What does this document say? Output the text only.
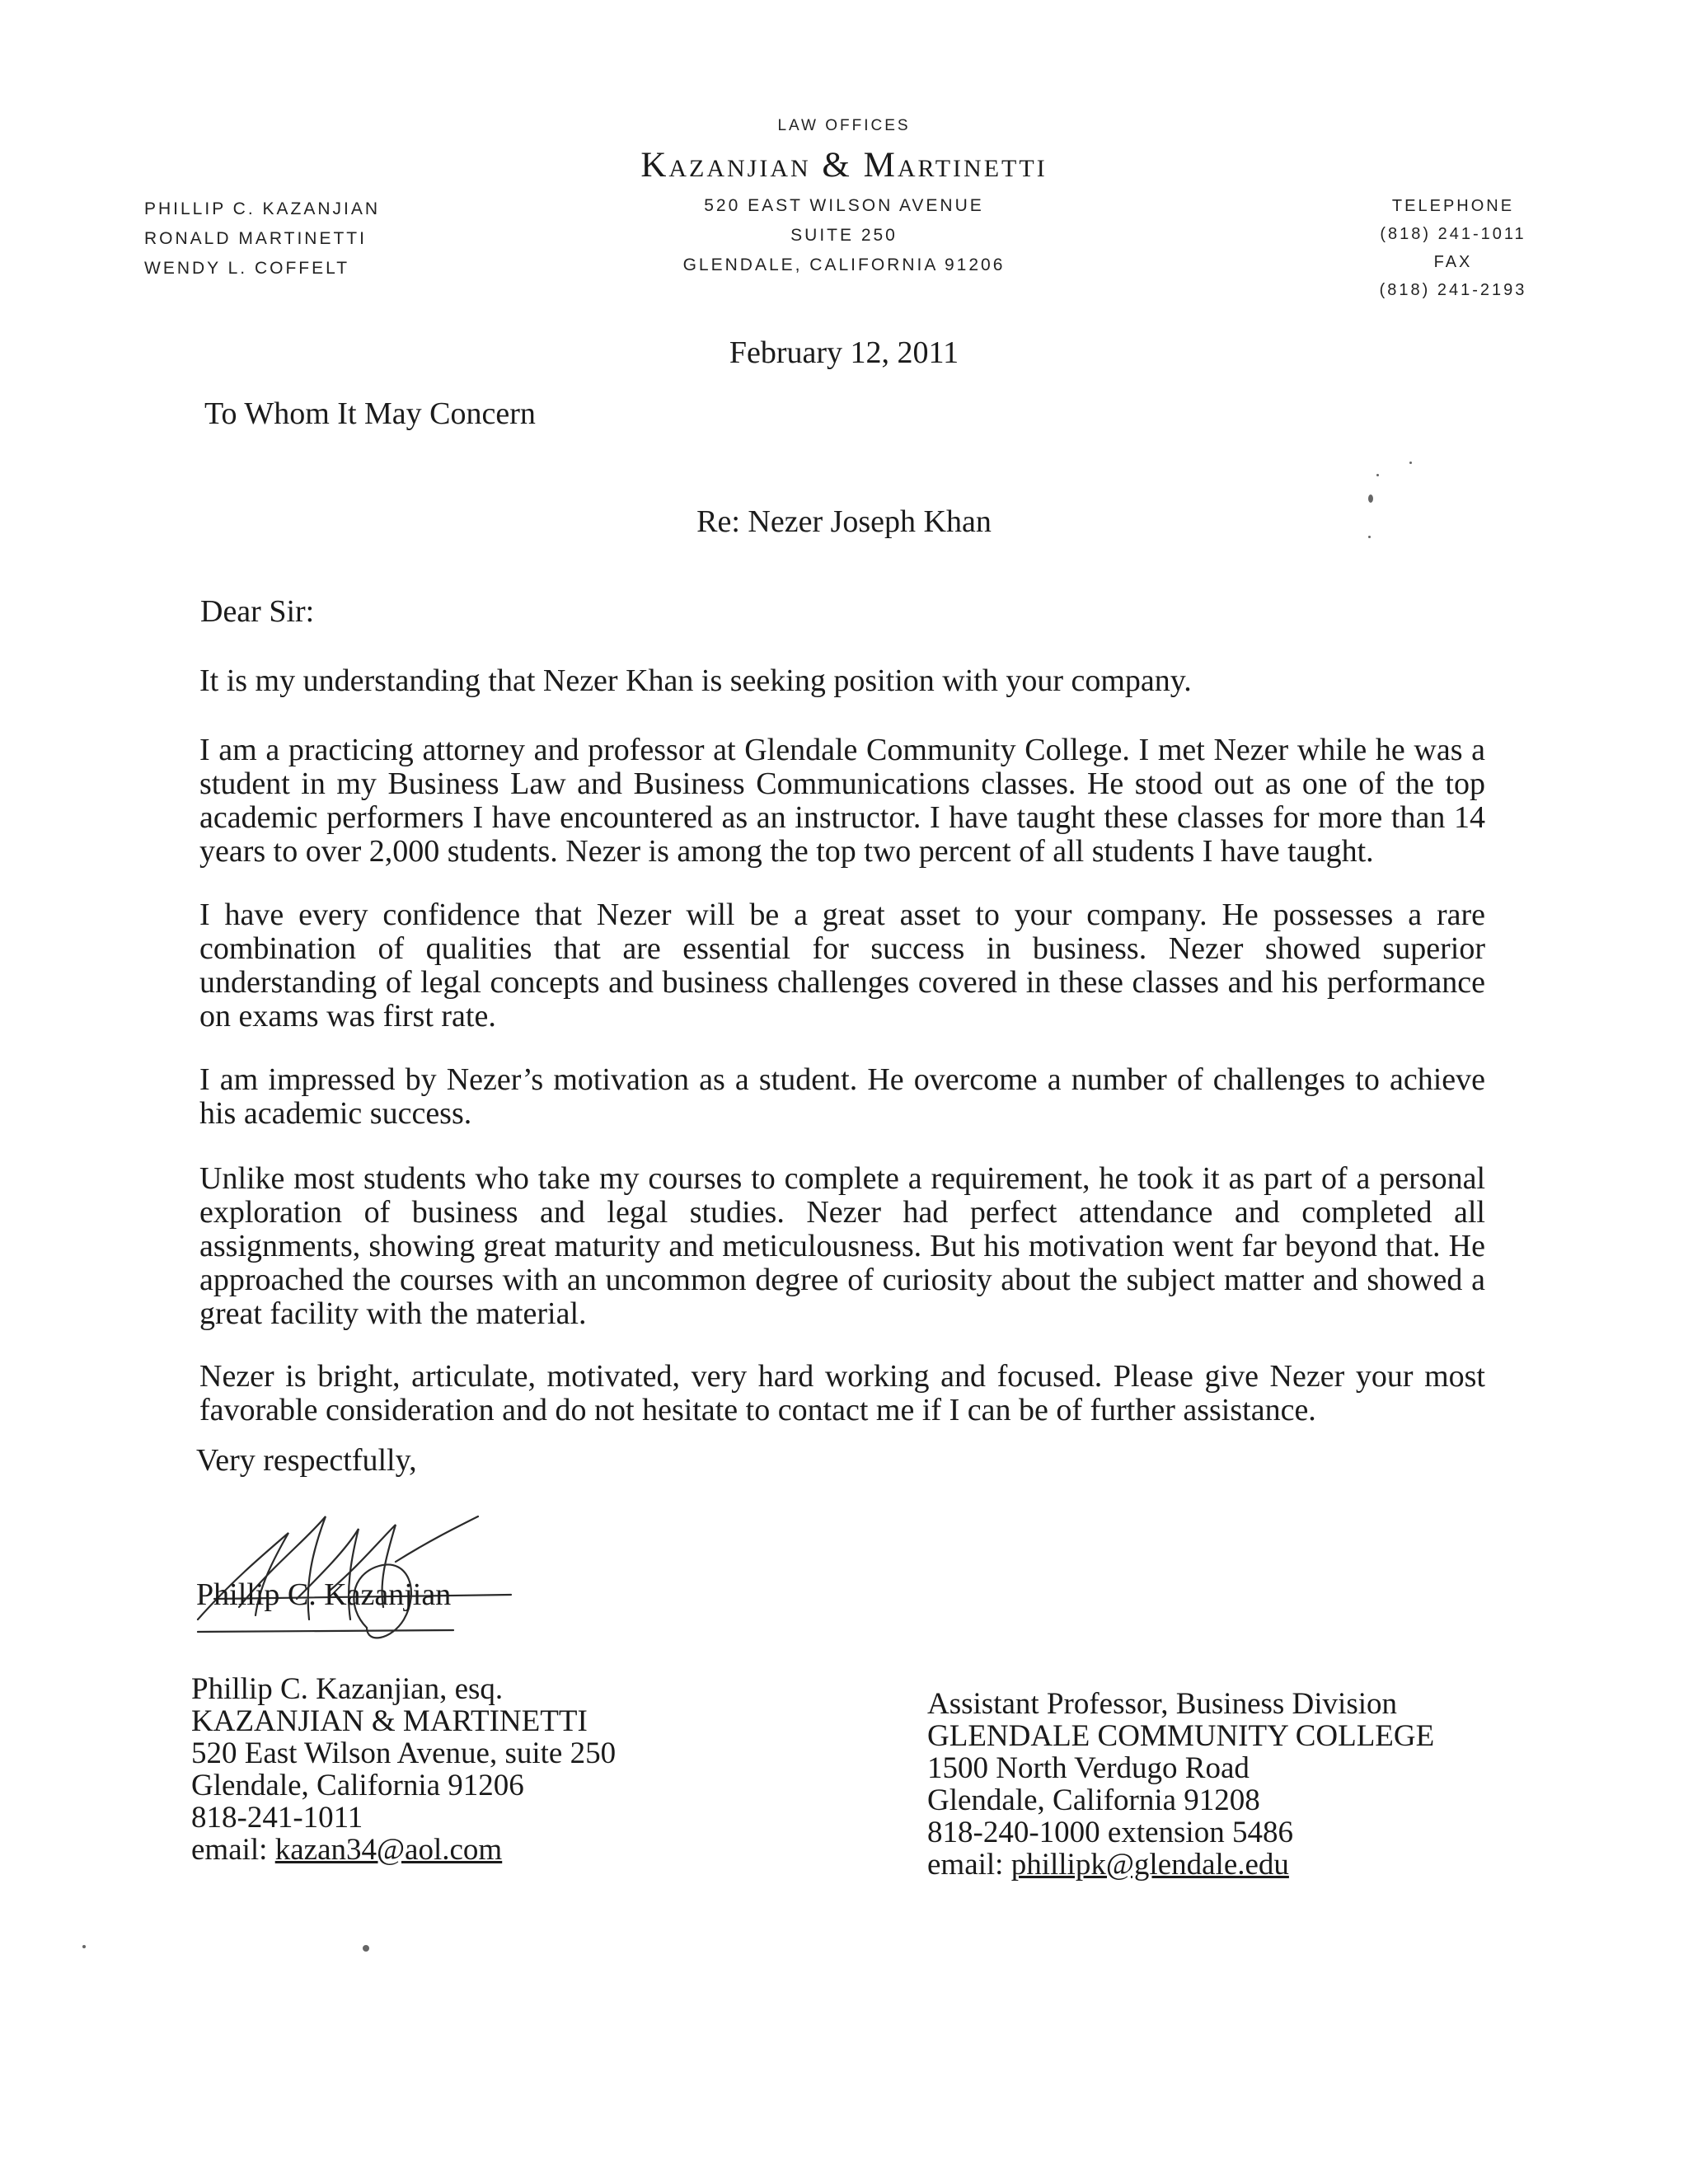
LAW OFFICES
Kazanjian & Martinetti
520 EAST WILSON AVENUE
SUITE 250
GLENDALE, CALIFORNIA 91206
PHILLIP C. KAZANJIAN
RONALD MARTINETTI
WENDY L. COFFELT
TELEPHONE
(818) 241-1011
FAX
(818) 241-2193
February 12, 2011
To Whom It May Concern
Re: Nezer Joseph Khan
Dear Sir:
It is my understanding that Nezer Khan is seeking position with your company.
I am a practicing attorney and professor at Glendale Community College. I met Nezer while he was a student in my Business Law and Business Communications classes. He stood out as one of the top academic performers I have encountered as an instructor. I have taught these classes for more than 14 years to over 2,000 students. Nezer is among the top two percent of all students I have taught.
I have every confidence that Nezer will be a great asset to your company. He possesses a rare combination of qualities that are essential for success in business. Nezer showed superior understanding of legal concepts and business challenges covered in these classes and his performance on exams was first rate.
I am impressed by Nezer’s motivation as a student. He overcome a number of challenges to achieve his academic success.
Unlike most students who take my courses to complete a requirement, he took it as part of a personal exploration of business and legal studies. Nezer had perfect attendance and completed all assignments, showing great maturity and meticulousness. But his motivation went far beyond that. He approached the courses with an uncommon degree of curiosity about the subject matter and showed a great facility with the material.
Nezer is bright, articulate, motivated, very hard working and focused. Please give Nezer your most favorable consideration and do not hesitate to contact me if I can be of further assistance.
Very respectfully,
Phillip C. Kazanjian
Phillip C. Kazanjian, esq.
KAZANJIAN & MARTINETTI
520 East Wilson Avenue, suite 250
Glendale, California 91206
818-241-1011
email: kazan34@aol.com
Assistant Professor, Business Division
GLENDALE COMMUNITY COLLEGE
1500 North Verdugo Road
Glendale, California 91208
818-240-1000 extension 5486
email: phillipk@glendale.edu
